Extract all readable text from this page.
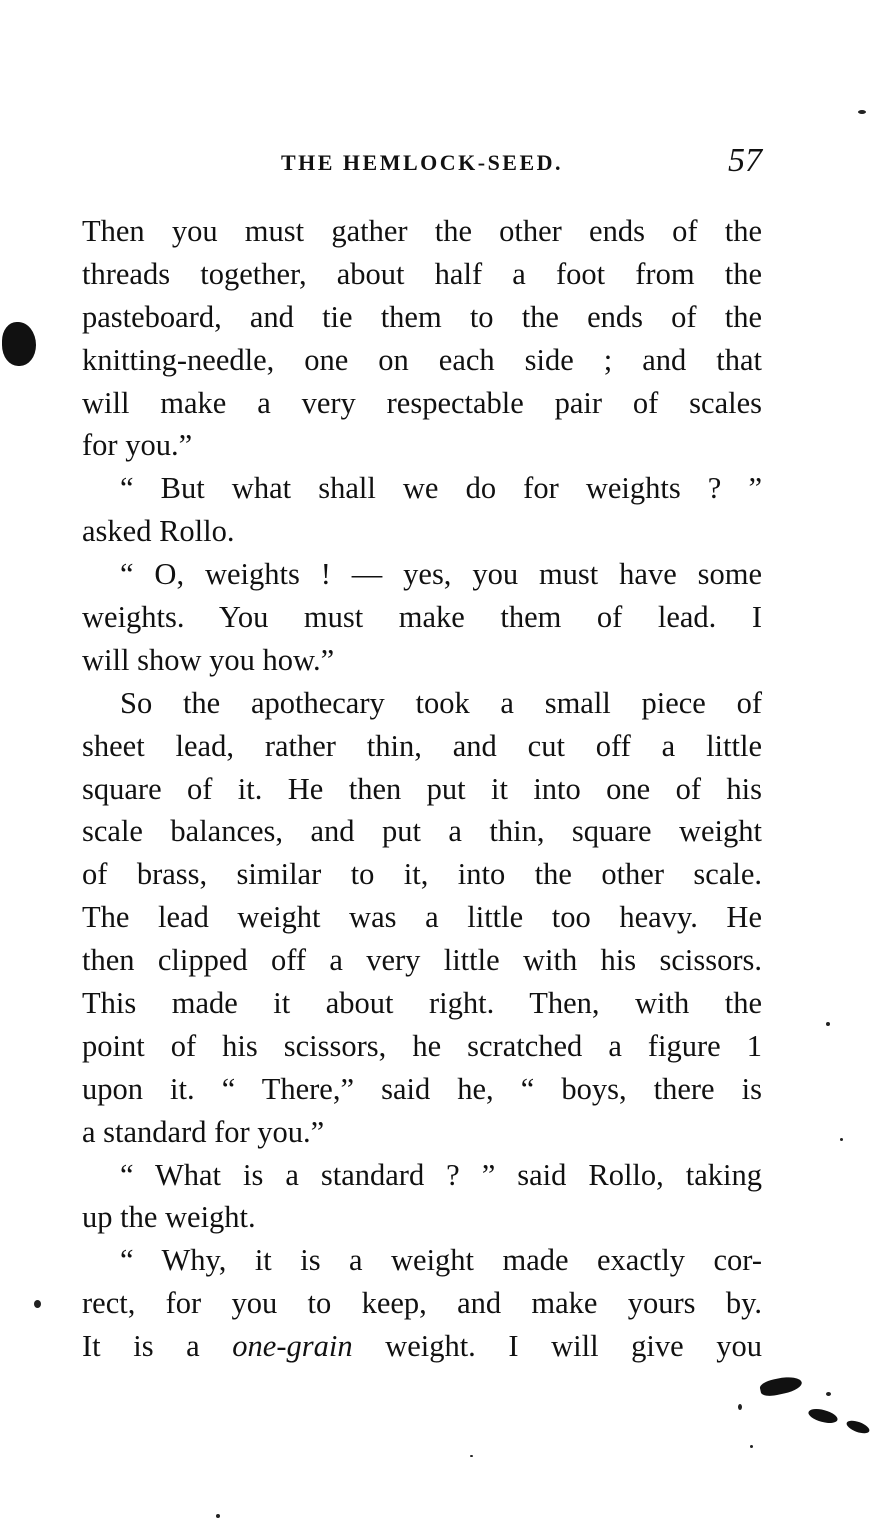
THE HEMLOCK-SEED.	57
Then you must gather the other ends of the
threads together, about half a foot from the
pasteboard, and tie them to the ends of the
knitting-needle, one on each side ; and that
will make a very respectable pair of scales
for you.”
“ But what shall we do for weights ? ”
asked Rollo.
“ O, weights ! — yes, you must have some
weights. You must make them of lead. I
will show you how.”
So the apothecary took a small piece of
sheet lead, rather thin, and cut off a little
square of it. He then put it into one of his
scale balances, and put a thin, square weight
of brass, similar to it, into the other scale.
The lead weight was a little too heavy. He
then clipped off a very little with his scissors.
This made it about right. Then, with the
point of his scissors, he scratched a figure 1
upon it. “ There,” said he, “ boys, there is
a standard for you.”
“ What is a standard ? ” said Rollo, taking
up the weight.
“ Why, it is a weight made exactly cor-
rect, for you to keep, and make yours by.
It is a one-grain weight. I will give you
